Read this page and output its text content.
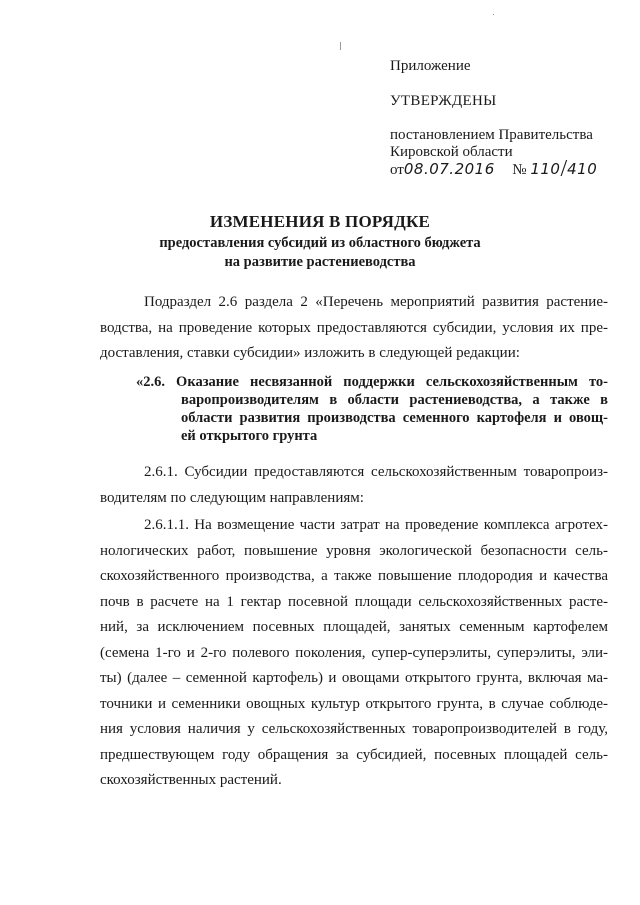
Приложение
УТВЕРЖДЕНЫ
постановлением Правительства
Кировской области
от08.07.2016 № 110/410
ИЗМЕНЕНИЯ В ПОРЯДКЕ
предоставления субсидий из областного бюджета
на развитие растениеводства
Подраздел 2.6 раздела 2 «Перечень мероприятий развития растение-
водства, на проведение которых предоставляются субсидии, условия их пре-
доставления, ставки субсидии» изложить в следующей редакции:
«2.6. Оказание несвязанной поддержки сельскохозяйственным то-
варопроизводителям в области растениеводства, а также в
области развития производства семенного картофеля и овощ-
ей открытого грунта
2.6.1. Субсидии предоставляются сельскохозяйственным товаропроиз-
водителям по следующим направлениям:
2.6.1.1. На возмещение части затрат на проведение комплекса агротех-
нологических работ, повышение уровня экологической безопасности сель-
скохозяйственного производства, а также повышение плодородия и качества
почв в расчете на 1 гектар посевной площади сельскохозяйственных расте-
ний, за исключением посевных площадей, занятых семенным картофелем
(семена 1-го и 2-го полевого поколения, супер-суперэлиты, суперэлиты, эли-
ты) (далее – семенной картофель) и овощами открытого грунта, включая ма-
точники и семенники овощных культур открытого грунта, в случае соблюде-
ния условия наличия у сельскохозяйственных товаропроизводителей в году,
предшествующем году обращения за субсидией, посевных площадей сель-
скохозяйственных растений.
